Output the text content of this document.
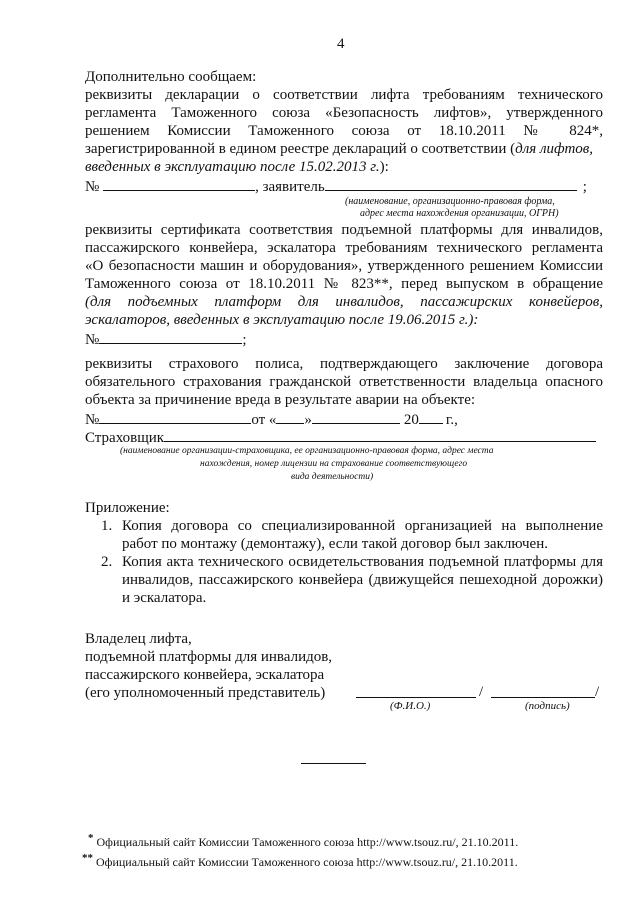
4
Дополнительно сообщаем:
реквизиты декларации о соответствии лифта требованиям технического
регламента Таможенного союза «Безопасность лифтов», утвержденного
решением Комиссии Таможенного союза от 18.10.2011 № 824*,
зарегистрированной в едином реестре деклараций о соответствии (для лифтов,
введенных в эксплуатацию после 15.02.2013 г.):
№	, заявитель	;
(наименование, организационно-правовая форма,
адрес места нахождения организации, ОГРН)
реквизиты сертификата соответствия подъемной платформы для инвалидов,
пассажирского конвейера, эскалатора требованиям технического регламента
«О безопасности машин и оборудования», утвержденного решением Комиссии
Таможенного союза от 18.10.2011 № 823**, перед выпуском в обращение
(для подъемных платформ для инвалидов, пассажирских конвейеров,
эскалаторов, введенных в эксплуатацию после 19.06.2015 г.):
№	;
реквизиты страхового полиса, подтверждающего заключение договора
обязательного страхования гражданской ответственности владельца опасного
объекта за причинение вреда в результате аварии на объекте:
№	от « »	20 г.,
Страховщик
(наименование организации-страховщика, ее организационно-правовая форма, адрес места
нахождения, номер лицензии на страхование соответствующего
вида деятельности)
Приложение:
1. Копия договора со специализированной организацией на выполнение
работ по монтажу (демонтажу), если такой договор был заключен.
2. Копия акта технического освидетельствования подъемной платформы для
инвалидов, пассажирского конвейера (движущейся пешеходной дорожки)
и эскалатора.
Владелец лифта,
подъемной платформы для инвалидов,
пассажирского конвейера, эскалатора
(его уполномоченный представитель)	/	/
(Ф.И.О.)	(подпись)
* Официальный сайт Комиссии Таможенного союза http://www.tsouz.ru/, 21.10.2011.
** Официальный сайт Комиссии Таможенного союза http://www.tsouz.ru/, 21.10.2011.
